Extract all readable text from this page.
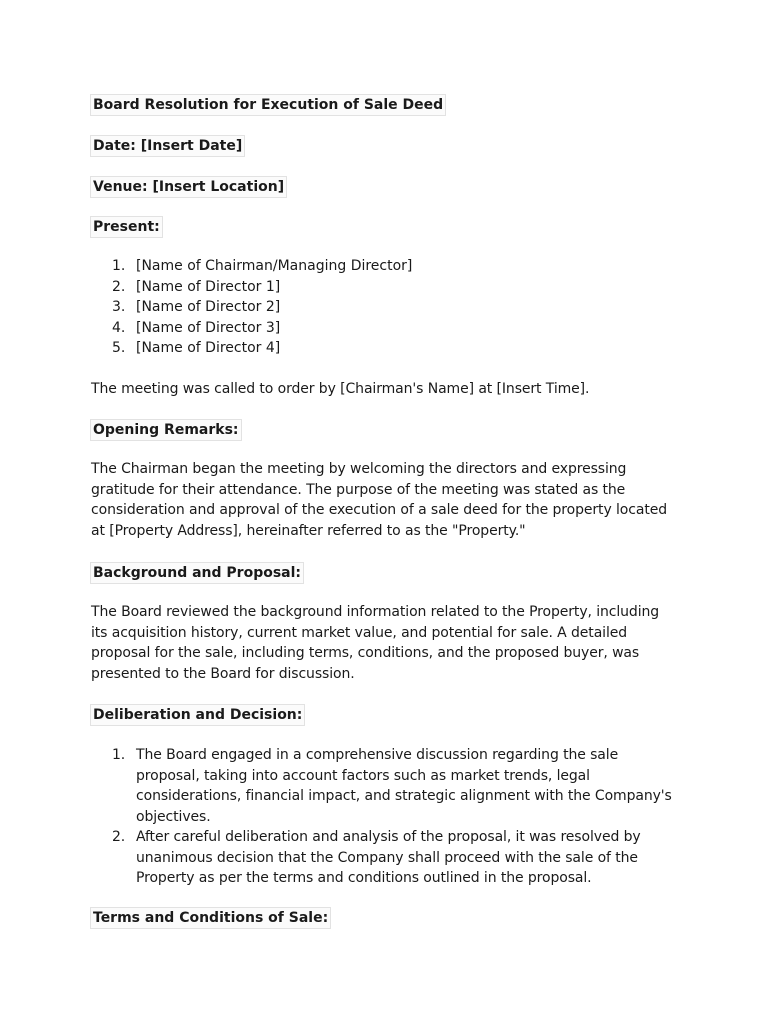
Board Resolution for Execution of Sale Deed
Date: [Insert Date]
Venue: [Insert Location]
Present:
1. [Name of Chairman/Managing Director]
2. [Name of Director 1]
3. [Name of Director 2]
4. [Name of Director 3]
5. [Name of Director 4]

The meeting was called to order by [Chairman's Name] at [Insert Time].

Opening Remarks:

The Chairman began the meeting by welcoming the directors and expressing gratitude for their attendance. The purpose of the meeting was stated as the consideration and approval of the execution of a sale deed for the property located at [Property Address], hereinafter referred to as the "Property."

Background and Proposal:

The Board reviewed the background information related to the Property, including its acquisition history, current market value, and potential for sale. A detailed proposal for the sale, including terms, conditions, and the proposed buyer, was presented to the Board for discussion.

Deliberation and Decision:
1. The Board engaged in a comprehensive discussion regarding the sale proposal, taking into account factors such as market trends, legal considerations, financial impact, and strategic alignment with the Company's objectives.
2. After careful deliberation and analysis of the proposal, it was resolved by unanimous decision that the Company shall proceed with the sale of the Property as per the terms and conditions outlined in the proposal.
Terms and Conditions of Sale:
